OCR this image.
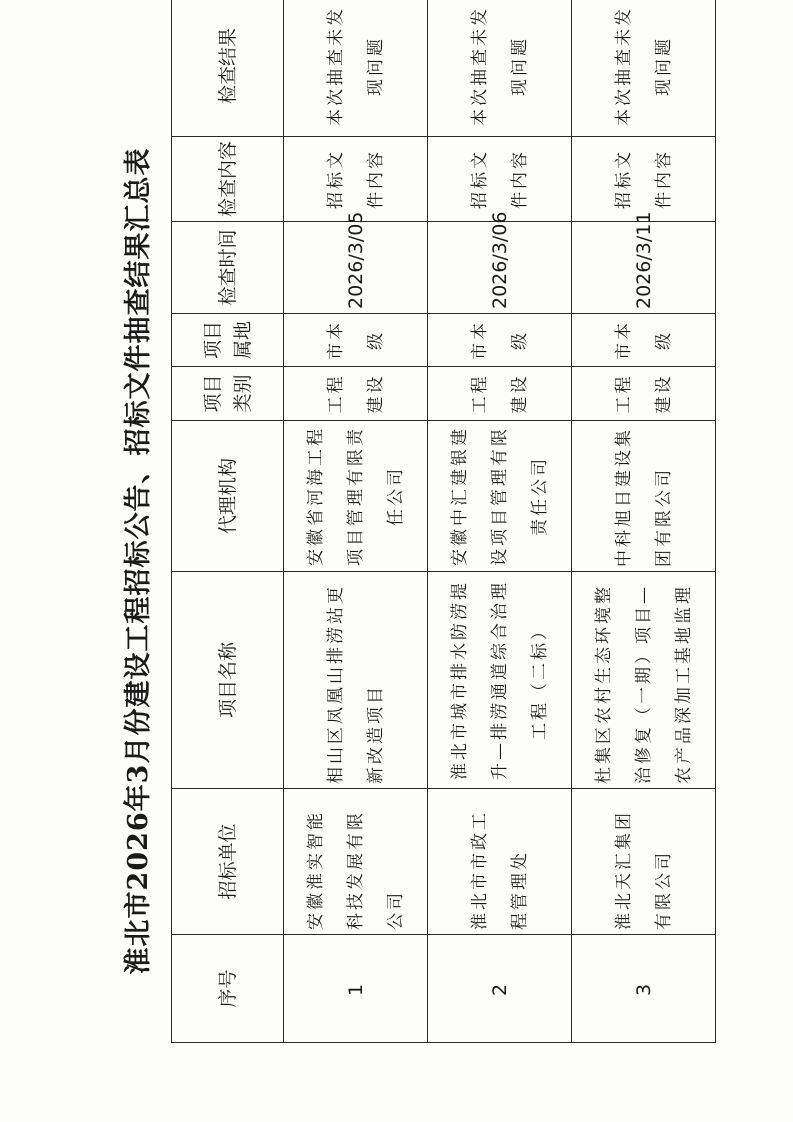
淮北市2026年3月份建设工程招标公告、招标文件抽查结果汇总表
序号	招标单位	项目名称	代理机构	项目类别	项目属地	检查时间	检查内容	检查结果	
1	安徽淮实智能科技发展有限公司	相山区凤凰山排涝站更新改造项目	安徽省河海工程项目管理有限责任公司	工程建设	市本级	2026/3/05	招标文件内容	本次抽查未发现问题	
2	淮北市市政工程管理处	淮北市城市排水防涝提升—排涝通道综合治理工程（二标）	安徽中汇建银建设项目管理有限责任公司	工程建设	市本级	2026/3/06	招标文件内容	本次抽查未发现问题	
3	淮北天汇集团有限公司	杜集区农村生态环境整治修复（一期）项目—农产品深加工基地监理	中科旭日建设集团有限公司	工程建设	市本级	2026/3/11	招标文件内容	本次抽查未发现问题	
